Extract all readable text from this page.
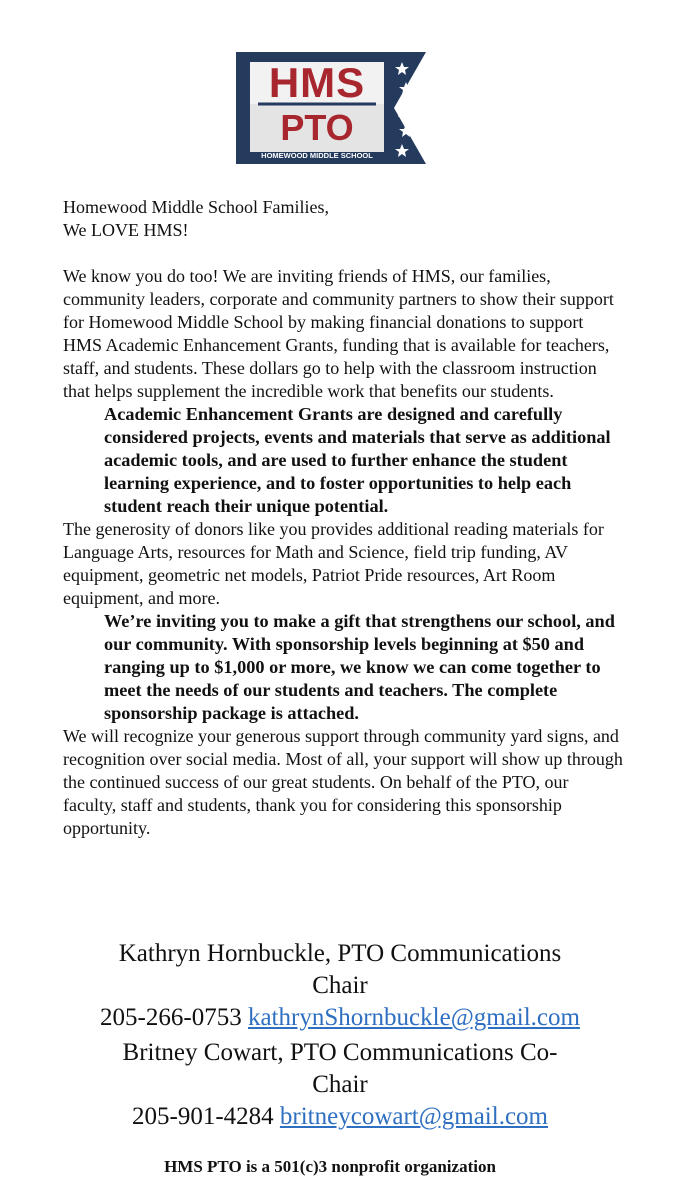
HMS
PTO
HOMEWOOD MIDDLE SCHOOL

Homewood Middle School Families,

We LOVE HMS!

We know you do too! We are inviting friends of HMS, our families, community leaders, corporate and community partners to show their support for Homewood Middle School by making financial donations to support HMS Academic Enhancement Grants, funding that is available for teachers, staff, and students. These dollars go to help with the classroom instruction that helps supplement the incredible work that benefits our students.

Academic Enhancement Grants are designed and carefully considered projects, events and materials that serve as additional academic tools, and are used to further enhance the student learning experience, and to foster opportunities to help each student reach their unique potential.

The generosity of donors like you provides additional reading materials for Language Arts, resources for Math and Science, field trip funding, AV equipment, geometric net models, Patriot Pride resources, Art Room equipment, and more.

We’re inviting you to make a gift that strengthens our school, and our community. With sponsorship levels beginning at $50 and ranging up to $1,000 or more, we know we can come together to meet the needs of our students and teachers. The complete sponsorship package is attached.

We will recognize your generous support through community yard signs, and recognition over social media. Most of all, your support will show up through the continued success of our great students. On behalf of the PTO, our faculty, staff and students, thank you for considering this sponsorship opportunity.

Kathryn Hornbuckle, PTO Communications
Chair
205-266-0753 kathrynShornbuckle@gmail.com
Britney Cowart, PTO Communications Co-
Chair
205-901-4284 britneycowart@gmail.com
HMS PTO is a 501(c)3 nonprofit organization
